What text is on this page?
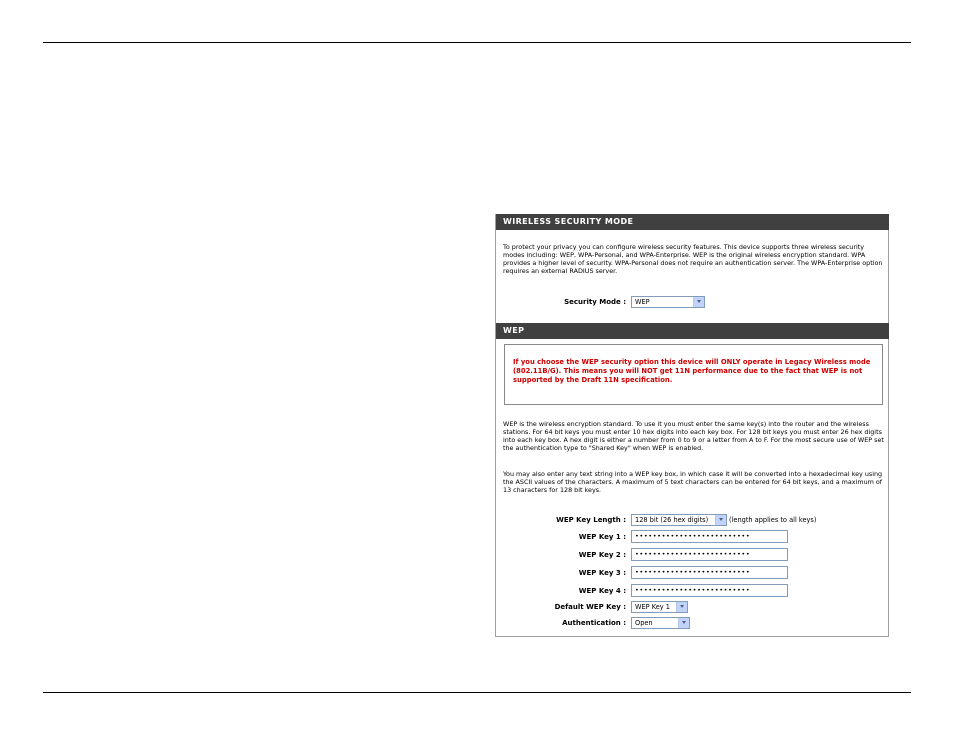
WIRELESS SECURITY MODE
To protect your privacy you can configure wireless security features. This device supports three wireless security modes including: WEP, WPA-Personal, and WPA-Enterprise. WEP is the original wireless encryption standard. WPA provides a higher level of security. WPA-Personal does not require an authentication server. The WPA-Enterprise option requires an external RADIUS server.
Security Mode :	WEP
WEP

If you choose the WEP security option this device will ONLY operate in Legacy Wireless mode (802.11B/G). This means you will NOT get 11N performance due to the fact that WEP is not supported by the Draft 11N specification.

WEP is the wireless encryption standard. To use it you must enter the same key(s) into the router and the wireless stations. For 64 bit keys you must enter 10 hex digits into each key box. For 128 bit keys you must enter 26 hex digits into each key box. A hex digit is either a number from 0 to 9 or a letter from A to F. For the most secure use of WEP set the authentication type to "Shared Key" when WEP is enabled.
You may also enter any text string into a WEP key box, in which case it will be converted into a hexadecimal key using the ASCII values of the characters. A maximum of 5 text characters can be entered for 64 bit keys, and a maximum of 13 characters for 128 bit keys.
WEP Key Length :	128 bit (26 hex digits)	(length applies to all keys)
WEP Key 1 :	••••••••••••••••••••••••••
WEP Key 2 :	••••••••••••••••••••••••••
WEP Key 3 :	••••••••••••••••••••••••••
WEP Key 4 :	••••••••••••••••••••••••••
Default WEP Key :	WEP Key 1
Authentication :	Open
